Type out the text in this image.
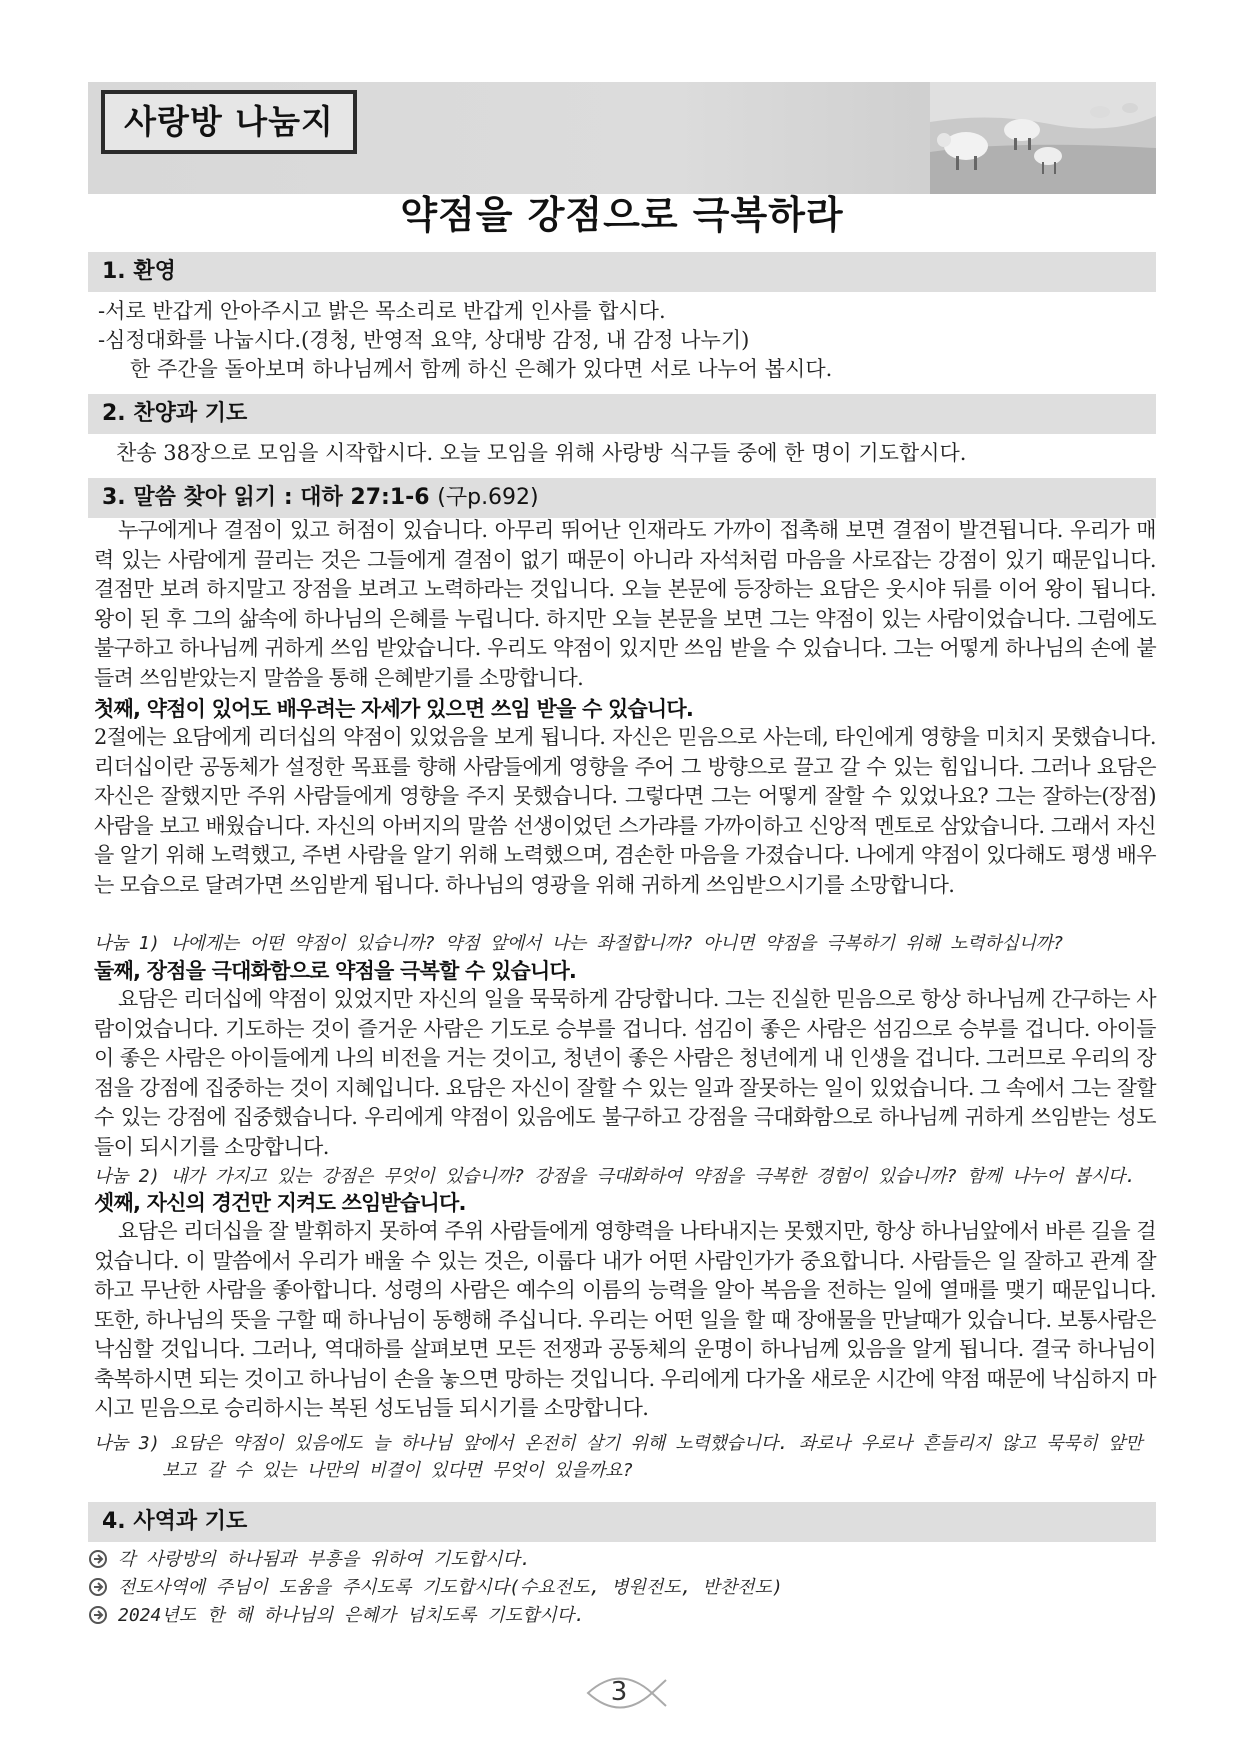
사랑방 나눔지
약점을 강점으로 극복하라
1. 환영
-서로 반갑게 안아주시고 밝은 목소리로 반갑게 인사를 합시다.
-심정대화를 나눕시다.(경청, 반영적 요약, 상대방 감정, 내 감정 나누기)
한 주간을 돌아보며 하나님께서 함께 하신 은혜가 있다면 서로 나누어 봅시다.
2. 찬양과 기도
찬송 38장으로 모임을 시작합시다. 오늘 모임을 위해 사랑방 식구들 중에 한 명이 기도합시다.
3. 말씀 찾아 읽기 : 대하 27:1-6 (구p.692)
누구에게나 결점이 있고 허점이 있습니다. 아무리 뛰어난 인재라도 가까이 접촉해 보면 결점이 발견됩니다. 우리가 매력 있는 사람에게 끌리는 것은 그들에게 결점이 없기 때문이 아니라 자석처럼 마음을 사로잡는 강점이 있기 때문입니다. 결점만 보려 하지말고 장점을 보려고 노력하라는 것입니다. 오늘 본문에 등장하는 요담은 웃시야 뒤를 이어 왕이 됩니다. 왕이 된 후 그의 삶속에 하나님의 은혜를 누립니다. 하지만 오늘 본문을 보면 그는 약점이 있는 사람이었습니다. 그럼에도 불구하고 하나님께 귀하게 쓰임 받았습니다. 우리도 약점이 있지만 쓰임 받을 수 있습니다. 그는 어떻게 하나님의 손에 붙들려 쓰임받았는지 말씀을 통해 은혜받기를 소망합니다.
첫째, 약점이 있어도 배우려는 자세가 있으면 쓰임 받을 수 있습니다.
2절에는 요담에게 리더십의 약점이 있었음을 보게 됩니다. 자신은 믿음으로 사는데, 타인에게 영향을 미치지 못했습니다. 리더십이란 공동체가 설정한 목표를 향해 사람들에게 영향을 주어 그 방향으로 끌고 갈 수 있는 힘입니다. 그러나 요담은 자신은 잘했지만 주위 사람들에게 영향을 주지 못했습니다. 그렇다면 그는 어떻게 잘할 수 있었나요? 그는 잘하는(장점) 사람을 보고 배웠습니다. 자신의 아버지의 말씀 선생이었던 스가랴를 가까이하고 신앙적 멘토로 삼았습니다. 그래서 자신을 알기 위해 노력했고, 주변 사람을 알기 위해 노력했으며, 겸손한 마음을 가졌습니다. 나에게 약점이 있다해도 평생 배우는 모습으로 달려가면 쓰임받게 됩니다. 하나님의 영광을 위해 귀하게 쓰임받으시기를 소망합니다.
나눔 1) 나에게는 어떤 약점이 있습니까? 약점 앞에서 나는 좌절합니까? 아니면 약점을 극복하기 위해 노력하십니까?
둘째, 장점을 극대화함으로 약점을 극복할 수 있습니다.
요담은 리더십에 약점이 있었지만 자신의 일을 묵묵하게 감당합니다. 그는 진실한 믿음으로 항상 하나님께 간구하는 사람이었습니다. 기도하는 것이 즐거운 사람은 기도로 승부를 겁니다. 섬김이 좋은 사람은 섬김으로 승부를 겁니다. 아이들이 좋은 사람은 아이들에게 나의 비전을 거는 것이고, 청년이 좋은 사람은 청년에게 내 인생을 겁니다. 그러므로 우리의 장점을 강점에 집중하는 것이 지혜입니다. 요담은 자신이 잘할 수 있는 일과 잘못하는 일이 있었습니다. 그 속에서 그는 잘할 수 있는 강점에 집중했습니다. 우리에게 약점이 있음에도 불구하고 강점을 극대화함으로 하나님께 귀하게 쓰임받는 성도들이 되시기를 소망합니다.
나눔 2) 내가 가지고 있는 강점은 무엇이 있습니까? 강점을 극대화하여 약점을 극복한 경험이 있습니까? 함께 나누어 봅시다.
셋째, 자신의 경건만 지켜도 쓰임받습니다.
요담은 리더십을 잘 발휘하지 못하여 주위 사람들에게 영향력을 나타내지는 못했지만, 항상 하나님앞에서 바른 길을 걸었습니다. 이 말씀에서 우리가 배울 수 있는 것은, 이룹다 내가 어떤 사람인가가 중요합니다. 사람들은 일 잘하고 관계 잘 하고 무난한 사람을 좋아합니다. 성령의 사람은 예수의 이름의 능력을 알아 복음을 전하는 일에 열매를 맺기 때문입니다. 또한, 하나님의 뜻을 구할 때 하나님이 동행해 주십니다. 우리는 어떤 일을 할 때 장애물을 만날때가 있습니다. 보통사람은 낙심할 것입니다. 그러나, 역대하를 살펴보면 모든 전쟁과 공동체의 운명이 하나님께 있음을 알게 됩니다. 결국 하나님이 축복하시면 되는 것이고 하나님이 손을 놓으면 망하는 것입니다. 우리에게 다가올 새로운 시간에 약점 때문에 낙심하지 마시고 믿음으로 승리하시는 복된 성도님들 되시기를 소망합니다.
나눔 3) 요담은 약점이 있음에도 늘 하나님 앞에서 온전히 살기 위해 노력했습니다. 좌로나 우로나 흔들리지 않고 묵묵히 앞만
보고 갈 수 있는 나만의 비결이 있다면 무엇이 있을까요?
4. 사역과 기도
각 사랑방의 하나됨과 부흥을 위하여 기도합시다.
전도사역에 주님이 도움을 주시도록 기도합시다(수요전도, 병원전도, 반찬전도)
2024년도 한 해 하나님의 은혜가 넘치도록 기도합시다.
3
